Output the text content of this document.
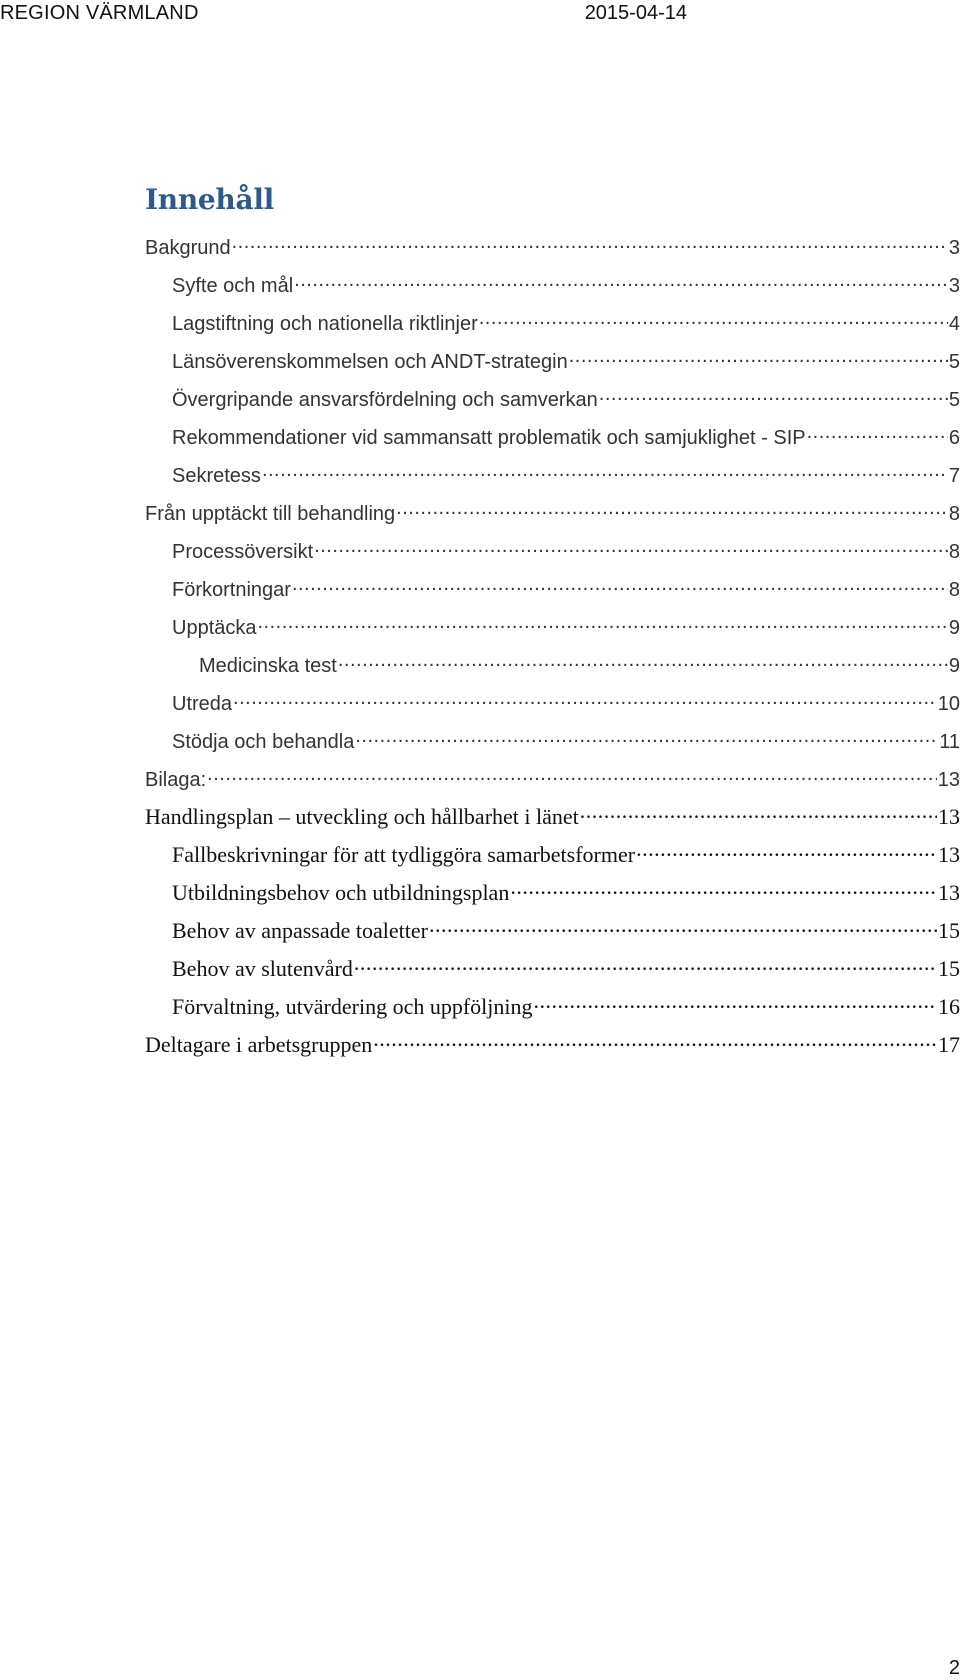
REGION VÄRMLAND	2015-04-14
Innehåll
Bakgrund .....	3
Syfte och mål .....	3
Lagstiftning och nationella riktlinjer .....	4
Länsöverenskommelsen och ANDT-strategin .....	5
Övergripande ansvarsfördelning och samverkan .....	5
Rekommendationer vid sammansatt problematik och samjuklighet - SIP .....	6
Sekretess .....	7
Från upptäckt till behandling .....	8
Processöversikt .....	8
Förkortningar .....	8
Upptäcka .....	9
Medicinska test .....	9
Utreda .....	10
Stödja och behandla .....	11
Bilaga: .....	13
Handlingsplan – utveckling och hållbarhet i länet .....	13
Fallbeskrivningar för att tydliggöra samarbetsformer .....	13
Utbildningsbehov och utbildningsplan .....	13
Behov av anpassade toaletter .....	15
Behov av slutenvård .....	15
Förvaltning, utvärdering och uppföljning .....	16
Deltagare i arbetsgruppen .....	17
2
